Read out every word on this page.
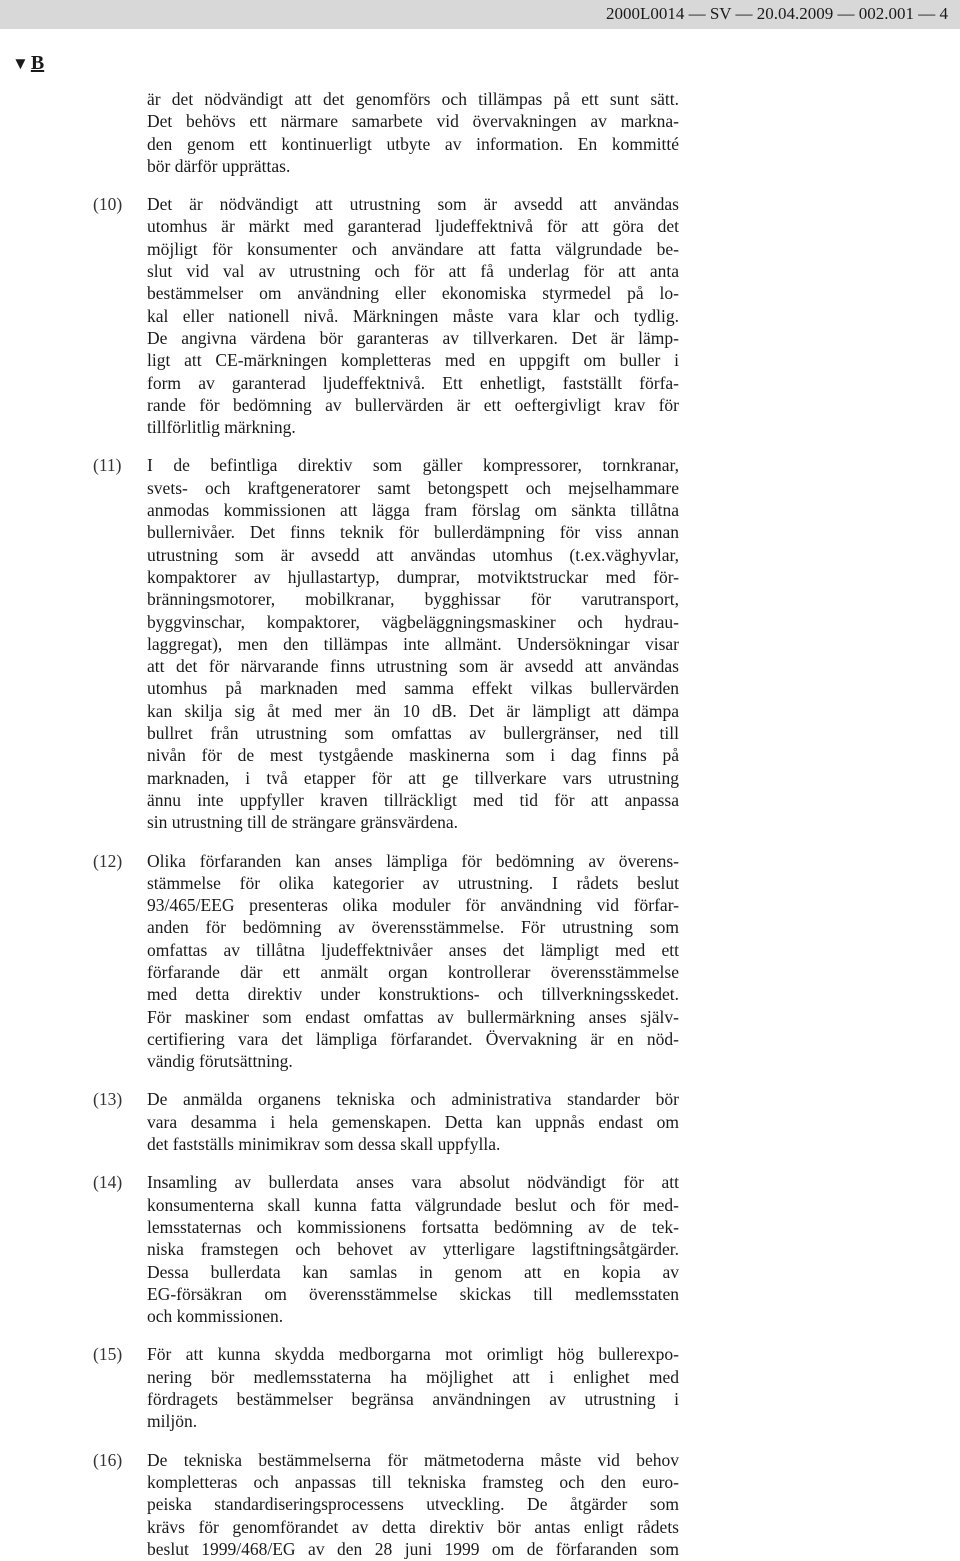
2000L0014 — SV — 20.04.2009 — 002.001 — 4
▼ B
är det nödvändigt att det genomförs och tillämpas på ett sunt sätt.
Det behövs ett närmare samarbete vid övervakningen av markna-
den genom ett kontinuerligt utbyte av information. En kommitté
bör därför upprättas.
(10)	Det är nödvändigt att utrustning som är avsedd att användas
utomhus är märkt med garanterad ljudeffektnivå för att göra det
möjligt för konsumenter och användare att fatta välgrundade be-
slut vid val av utrustning och för att få underlag för att anta
bestämmelser om användning eller ekonomiska styrmedel på lo-
kal eller nationell nivå. Märkningen måste vara klar och tydlig.
De angivna värdena bör garanteras av tillverkaren. Det är lämp-
ligt att CE-märkningen kompletteras med en uppgift om buller i
form av garanterad ljudeffektnivå. Ett enhetligt, fastställt förfa-
rande för bedömning av bullervärden är ett oeftergivligt krav för
tillförlitlig märkning.
(11)	I de befintliga direktiv som gäller kompressorer, tornkranar,
svets- och kraftgeneratorer samt betongspett och mejselhammare
anmodas kommissionen att lägga fram förslag om sänkta tillåtna
bullernivåer. Det finns teknik för bullerdämpning för viss annan
utrustning som är avsedd att användas utomhus (t.ex.väghyvlar,
kompaktorer av hjullastartyp, dumprar, motviktstruckar med för-
bränningsmotorer, mobilkranar, bygghissar för varutransport,
byggvinschar, kompaktorer, vägbeläggningsmaskiner och hydrau-
laggregat), men den tillämpas inte allmänt. Undersökningar visar
att det för närvarande finns utrustning som är avsedd att användas
utomhus på marknaden med samma effekt vilkas bullervärden
kan skilja sig åt med mer än 10 dB. Det är lämpligt att dämpa
bullret från utrustning som omfattas av bullergränser, ned till
nivån för de mest tystgående maskinerna som i dag finns på
marknaden, i två etapper för att ge tillverkare vars utrustning
ännu inte uppfyller kraven tillräckligt med tid för att anpassa
sin utrustning till de strängare gränsvärdena.
(12)	Olika förfaranden kan anses lämpliga för bedömning av överens-
stämmelse för olika kategorier av utrustning. I rådets beslut
93/465/EEG presenteras olika moduler för användning vid förfar-
anden för bedömning av överensstämmelse. För utrustning som
omfattas av tillåtna ljudeffektnivåer anses det lämpligt med ett
förfarande där ett anmält organ kontrollerar överensstämmelse
med detta direktiv under konstruktions- och tillverkningsskedet.
För maskiner som endast omfattas av bullermärkning anses själv-
certifiering vara det lämpliga förfarandet. Övervakning är en nöd-
vändig förutsättning.
(13)	De anmälda organens tekniska och administrativa standarder bör
vara desamma i hela gemenskapen. Detta kan uppnås endast om
det fastställs minimikrav som dessa skall uppfylla.
(14)	Insamling av bullerdata anses vara absolut nödvändigt för att
konsumenterna skall kunna fatta välgrundade beslut och för med-
lemsstaternas och kommissionens fortsatta bedömning av de tek-
niska framstegen och behovet av ytterligare lagstiftningsåtgärder.
Dessa bullerdata kan samlas in genom att en kopia av
EG-försäkran om överensstämmelse skickas till medlemsstaten
och kommissionen.
(15)	För att kunna skydda medborgarna mot orimligt hög bullerexpo-
nering bör medlemsstaterna ha möjlighet att i enlighet med
fördragets bestämmelser begränsa användningen av utrustning i
miljön.
(16)	De tekniska bestämmelserna för mätmetoderna måste vid behov
kompletteras och anpassas till tekniska framsteg och den euro-
peiska standardiseringsprocessens utveckling. De åtgärder som
krävs för genomförandet av detta direktiv bör antas enligt rådets
beslut 1999/468/EG av den 28 juni 1999 om de förfaranden som
